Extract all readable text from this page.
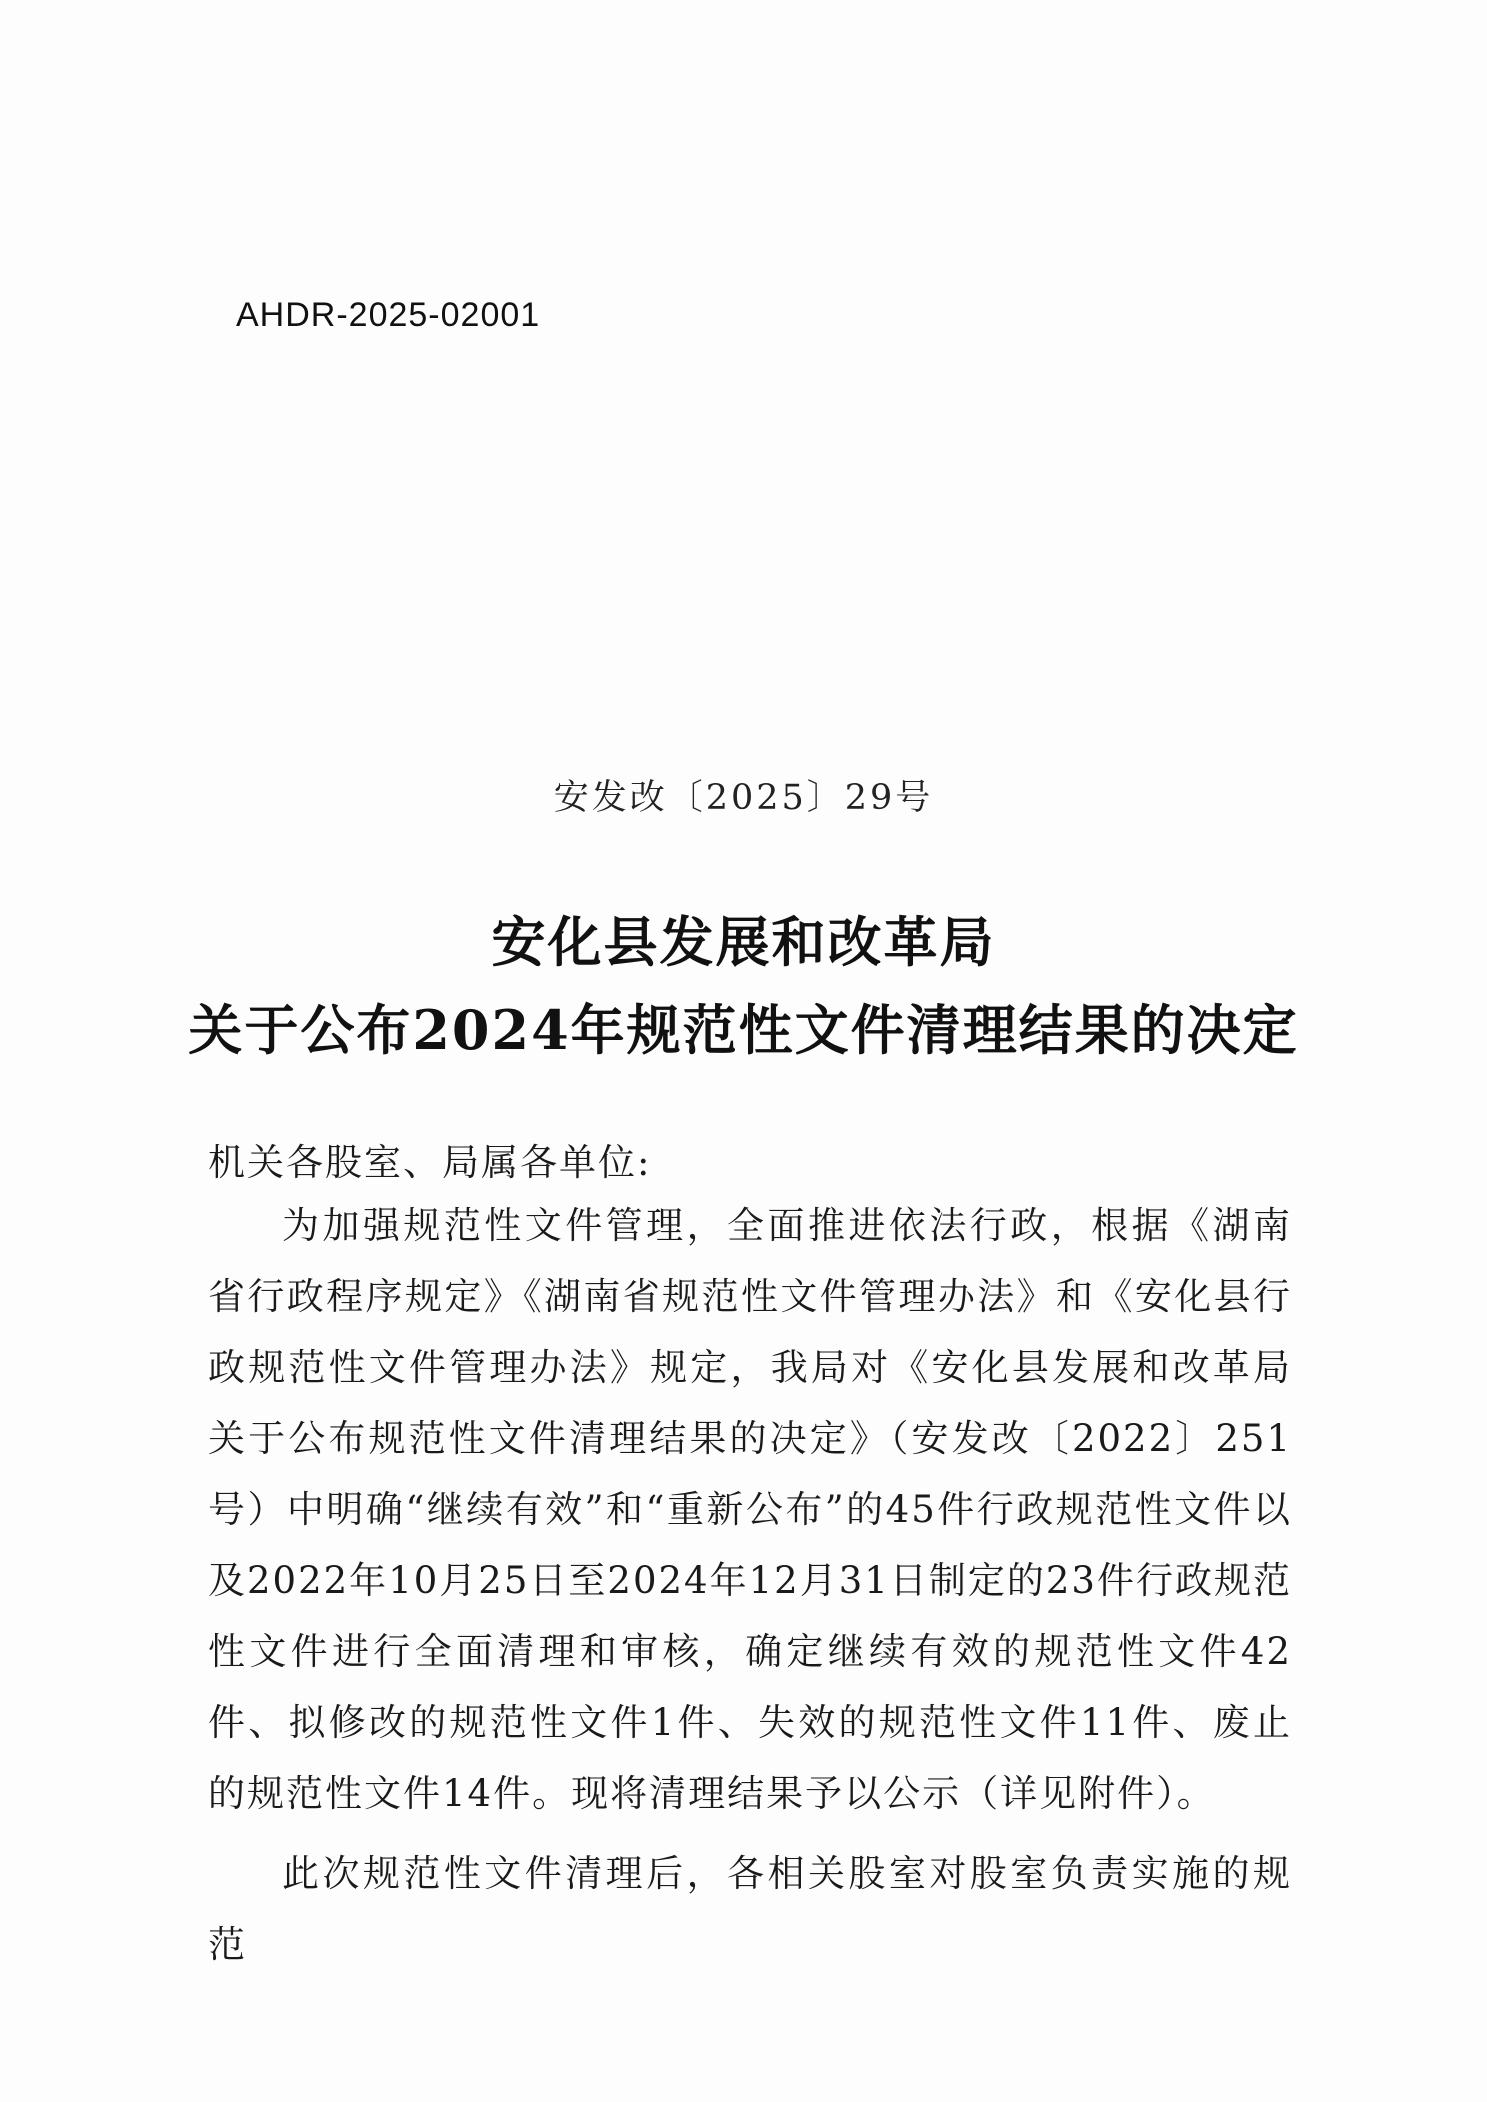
AHDR-2025-02001
安发改〔2025〕29号
安化县发展和改革局
关于公布2024年规范性文件清理结果的决定
机关各股室、局属各单位:
为加强规范性文件管理，全面推进依法行政，根据《湖南省行政程序规定》《湖南省规范性文件管理办法》和《安化县行政规范性文件管理办法》规定，我局对《安化县发展和改革局关于公布规范性文件清理结果的决定》（安发改〔2022〕251号）中明确“继续有效”和“重新公布”的45件行政规范性文件以及2022年10月25日至2024年12月31日制定的23件行政规范性文件进行全面清理和审核，确定继续有效的规范性文件42件、拟修改的规范性文件1件、失效的规范性文件11件、废止的规范性文件14件。现将清理结果予以公示（详见附件）。
此次规范性文件清理后，各相关股室对股室负责实施的规范
